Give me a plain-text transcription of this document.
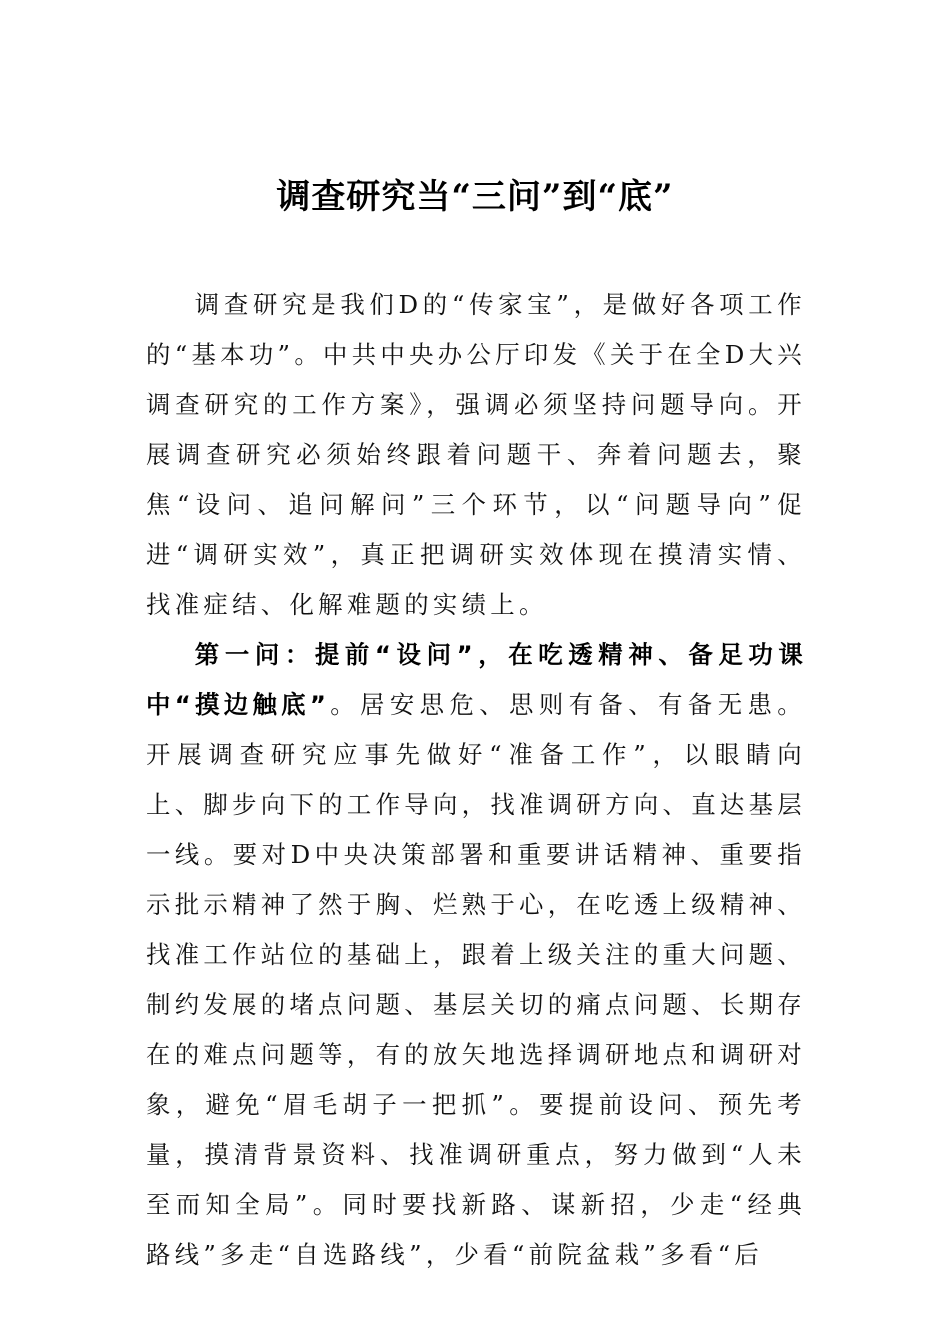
调查研究当“三问”到“底”

调查研究是我们D的“传家宝”，是做好各项工作的“基本功”。中共中央办公厅印发《关于在全D大兴调查研究的工作方案》，强调必须坚持问题导向。开展调查研究必须始终跟着问题干、奔着问题去，聚焦“设问、追问解问”三个环节，以“问题导向”促进“调研实效”，真正把调研实效体现在摸清实情、找准症结、化解难题的实绩上。

第一问：提前“设问”，在吃透精神、备足功课中“摸边触底”。居安思危、思则有备、有备无患。开展调查研究应事先做好“准备工作”，以眼睛向上、脚步向下的工作导向，找准调研方向、直达基层一线。要对D中央决策部署和重要讲话精神、重要指示批示精神了然于胸、烂熟于心，在吃透上级精神、找准工作站位的基础上，跟着上级关注的重大问题、制约发展的堵点问题、基层关切的痛点问题、长期存在的难点问题等，有的放矢地选择调研地点和调研对象，避免“眉毛胡子一把抓”。要提前设问、预先考量，摸清背景资料、找准调研重点，努力做到“人未至而知全局”。同时要找新路、谋新招，少走“经典路线”多走“自选路线”，少看“前院盆栽”多看“后
